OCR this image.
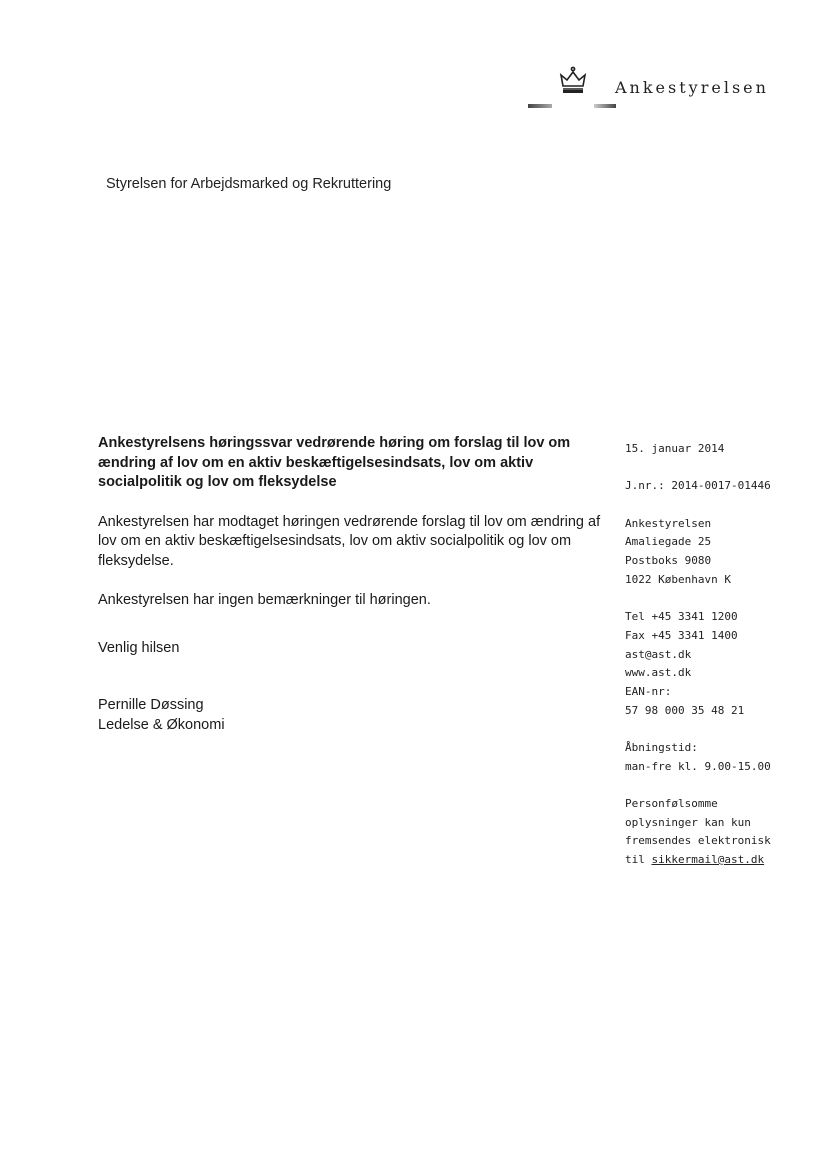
Ankestyrelsen
Styrelsen for Arbejdsmarked og Rekruttering

Ankestyrelsens høringssvar vedrørende høring om forslag til lov om ændring af lov om en aktiv beskæftigelsesindsats, lov om aktiv socialpolitik og lov om fleksydelse

Ankestyrelsen har modtaget høringen vedrørende forslag til lov om ændring af lov om en aktiv beskæftigelsesindsats, lov om aktiv socialpolitik og lov om fleksydelse.

Ankestyrelsen har ingen bemærkninger til høringen.

Venlig hilsen

Pernille Døssing
Ledelse & Økonomi
15. januar 2014
J.nr.: 2014-0017-01446
Ankestyrelsen
Amaliegade 25
Postboks 9080
1022 København K
Tel +45 3341 1200
Fax +45 3341 1400
ast@ast.dk
www.ast.dk
EAN-nr:
57 98 000 35 48 21
Åbningstid:
man-fre kl. 9.00-15.00
Personfølsomme
oplysninger kan kun
fremsendes elektronisk
til sikkermail@ast.dk
